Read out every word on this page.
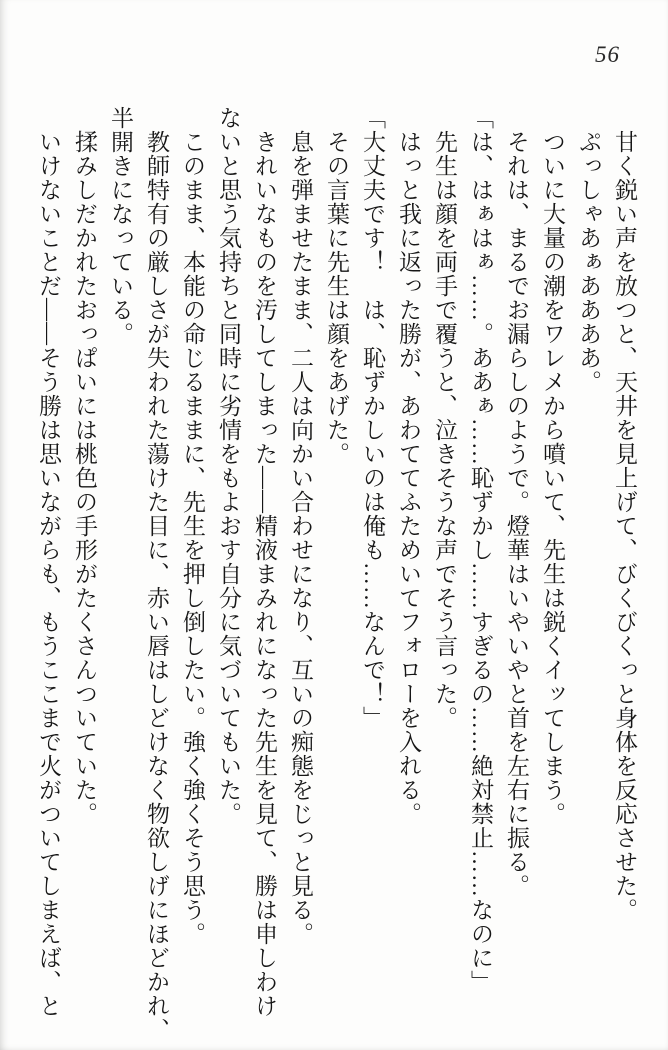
56
　甘く鋭い声を放つと、天井を見上げて、びくびくっと身体を反応させた。
　ぷっしゃあぁああああ。
　ついに大量の潮をワレメから噴いて、先生は鋭くイッてしまう。
　それは、まるでお漏らしのようで。燈華はいやいやと首を左右に振る。
「は、はぁはぁ……。ああぁ……恥ずかし……すぎるの……絶対禁止……なのに」
　先生は顔を両手で覆うと、泣きそうな声でそう言った。
　はっと我に返った勝が、あわててふためいてフォローを入れる。
「大丈夫です！　は、恥ずかしいのは俺も……なんで！」
　その言葉に先生は顔をあげた。
　息を弾ませたまま、二人は向かい合わせになり、互いの痴態をじっと見る。
　きれいなものを汚してしまった――精液まみれになった先生を見て、勝は申しわけ
ないと思う気持ちと同時に劣情をもよおす自分に気づいてもいた。
　このまま、本能の命じるままに、先生を押し倒したい。強く強くそう思う。
　教師特有の厳しさが失われた蕩けた目に、赤い唇はしどけなく物欲しげにほどかれ、
半開きになっている。
　揉みしだかれたおっぱいには桃色の手形がたくさんついていた。
　いけないことだ――そう勝は思いながらも、もうここまで火がついてしまえば、と
